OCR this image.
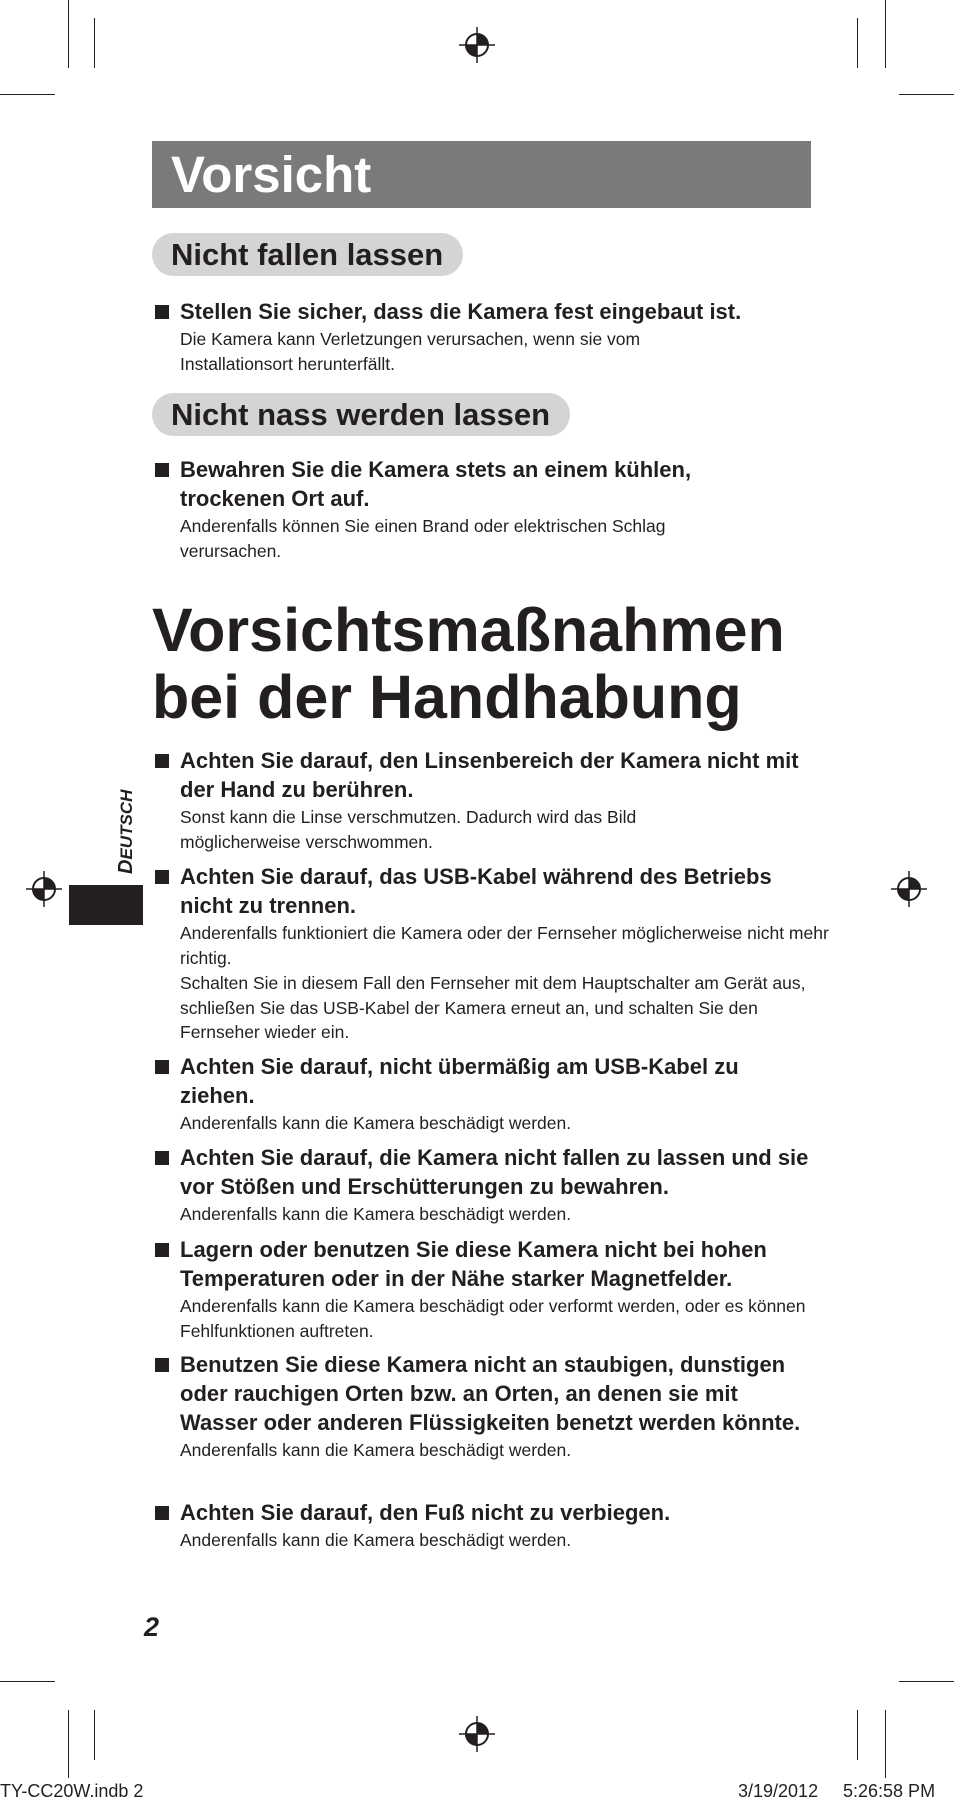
Vorsicht
Nicht fallen lassen
Stellen Sie sicher, dass die Kamera fest eingebaut ist.
Die Kamera kann Verletzungen verursachen, wenn sie vom Installationsort herunterfällt.
Nicht nass werden lassen
Bewahren Sie die Kamera stets an einem kühlen, trockenen Ort auf.
Anderenfalls können Sie einen Brand oder elektrischen Schlag verursachen.
Vorsichtsmaßnahmen
bei der Handhabung
DEUTSCH
Achten Sie darauf, den Linsenbereich der Kamera nicht mit der Hand zu berühren.
Sonst kann die Linse verschmutzen. Dadurch wird das Bild möglicherweise verschwommen.
Achten Sie darauf, das USB-Kabel während des Betriebs nicht zu trennen.
Anderenfalls funktioniert die Kamera oder der Fernseher möglicherweise nicht mehr richtig.
Schalten Sie in diesem Fall den Fernseher mit dem Hauptschalter am Gerät aus, schließen Sie das USB-Kabel der Kamera erneut an, und schalten Sie den Fernseher wieder ein.
Achten Sie darauf, nicht übermäßig am USB-Kabel zu ziehen.
Anderenfalls kann die Kamera beschädigt werden.
Achten Sie darauf, die Kamera nicht fallen zu lassen und sie vor Stößen und Erschütterungen zu bewahren.
Anderenfalls kann die Kamera beschädigt werden.
Lagern oder benutzen Sie diese Kamera nicht bei hohen Temperaturen oder in der Nähe starker Magnetfelder.
Anderenfalls kann die Kamera beschädigt oder verformt werden, oder es können Fehlfunktionen auftreten.
Benutzen Sie diese Kamera nicht an staubigen, dunstigen oder rauchigen Orten bzw. an Orten, an denen sie mit Wasser oder anderen Flüssigkeiten benetzt werden könnte.
Anderenfalls kann die Kamera beschädigt werden.
Achten Sie darauf, den Fuß nicht zu verbiegen.
Anderenfalls kann die Kamera beschädigt werden.
2
TY-CC20W.indb 2	3/19/2012 5:26:58 PM
